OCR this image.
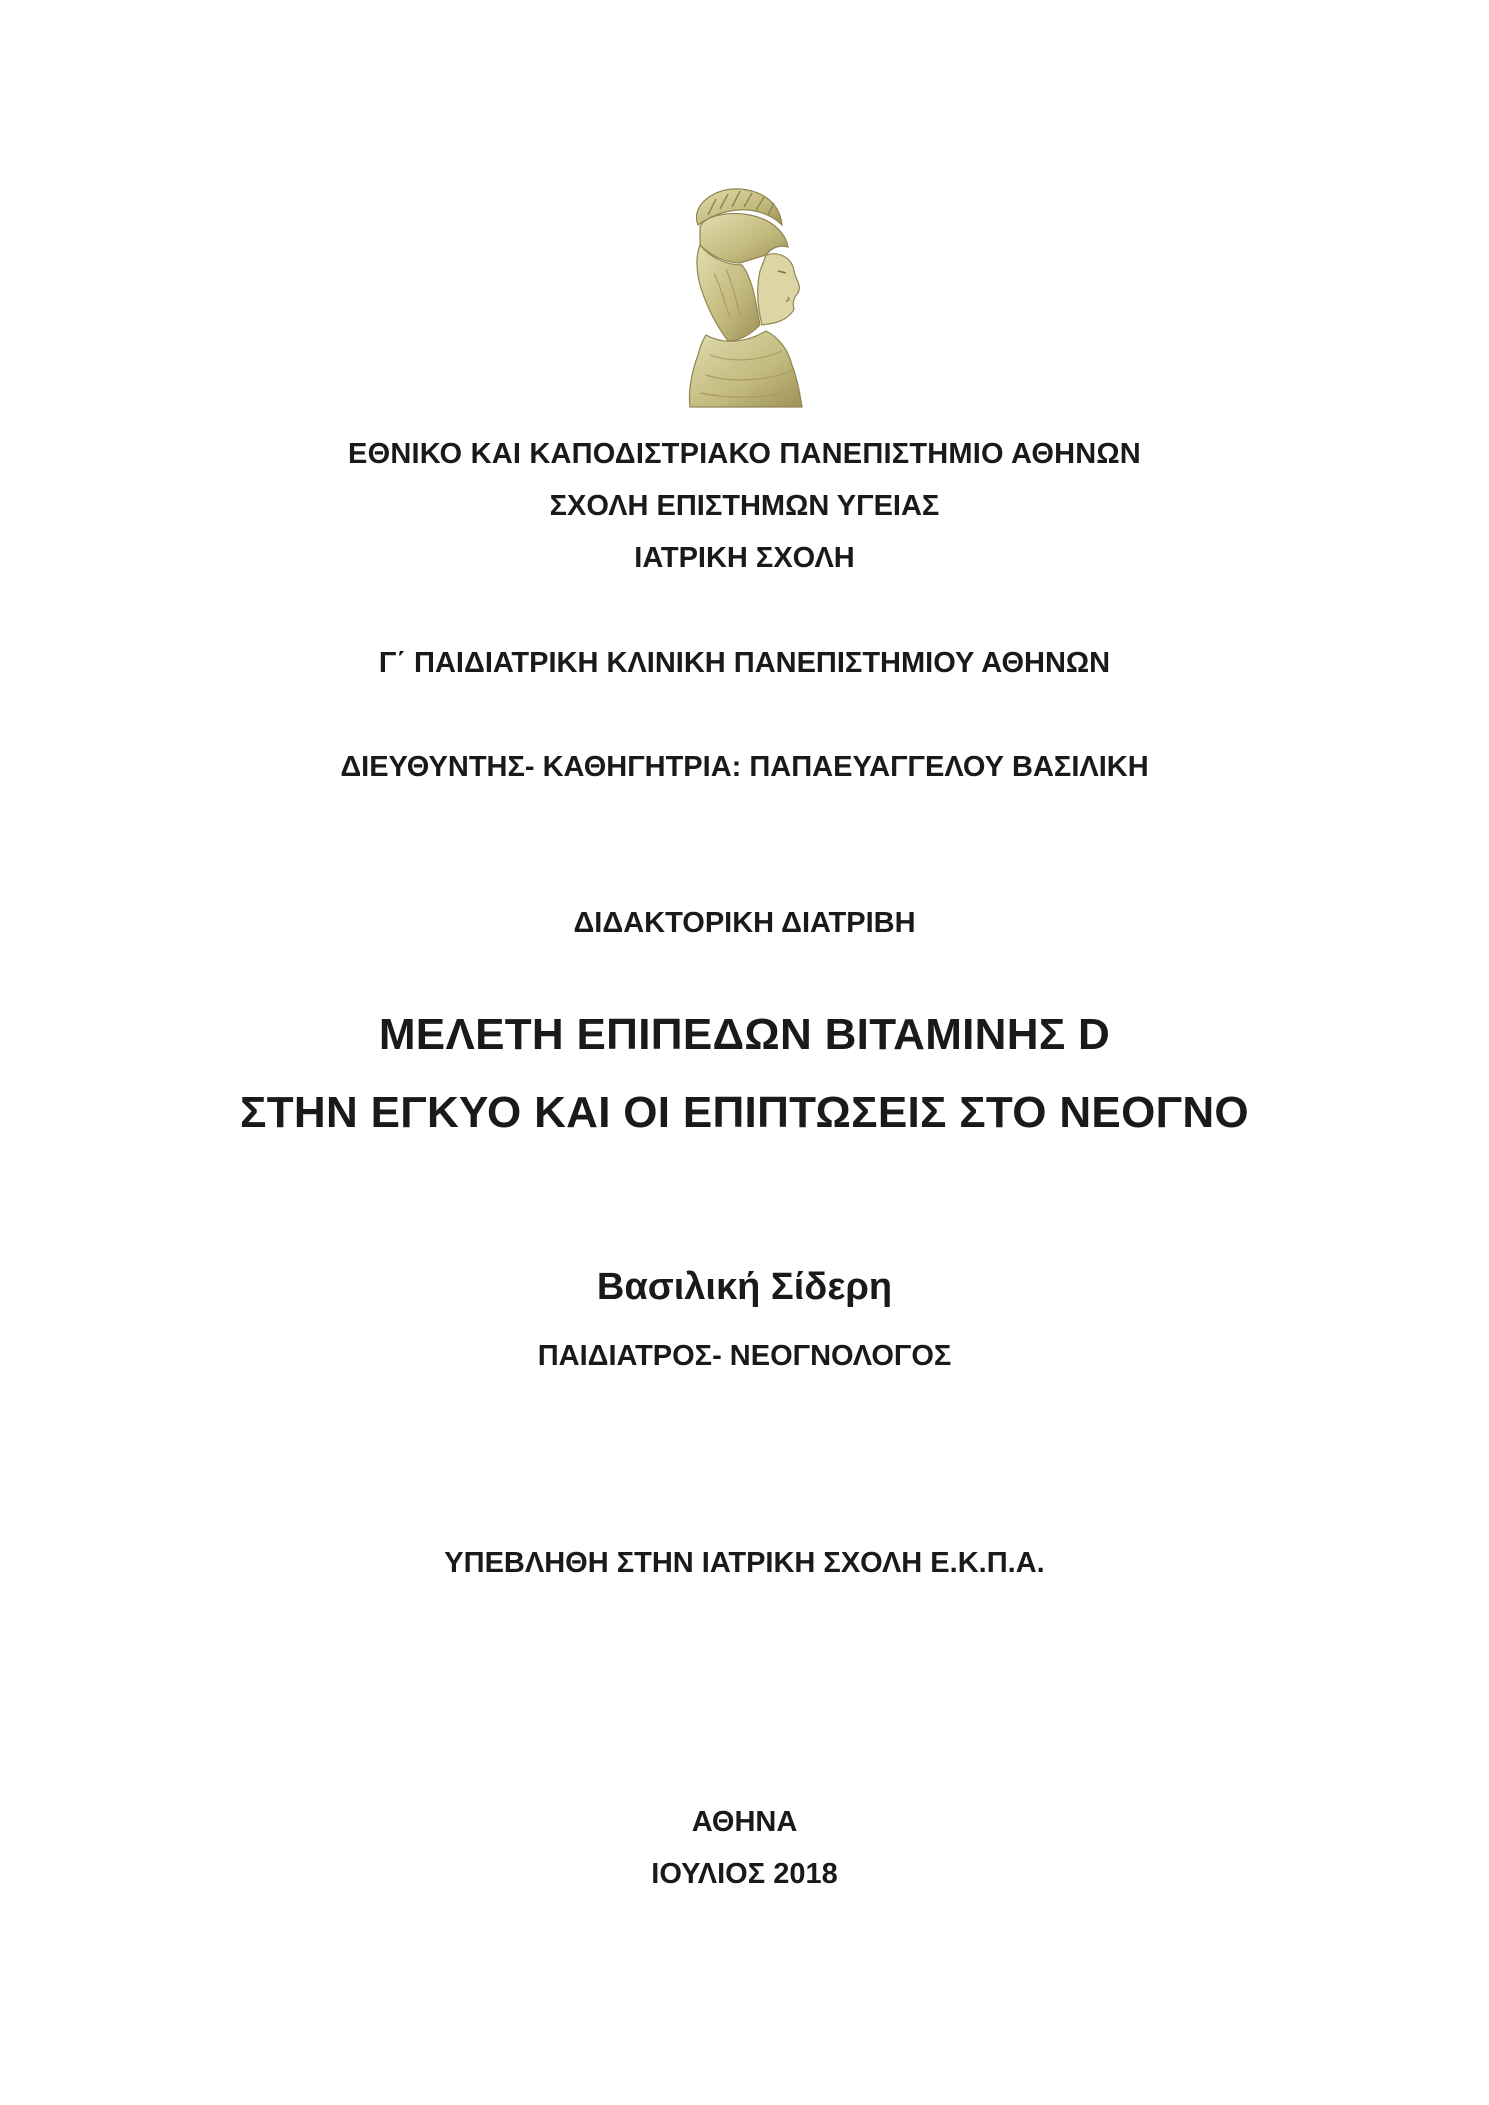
ΕΘΝΙΚΟ ΚΑΙ ΚΑΠΟΔΙΣΤΡΙΑΚΟ ΠΑΝΕΠΙΣΤΗΜΙΟ ΑΘΗΝΩΝ
ΣΧΟΛΗ ΕΠΙΣΤΗΜΩΝ ΥΓΕΙΑΣ
ΙΑΤΡΙΚΗ ΣΧΟΛΗ
Γ΄ ΠΑΙΔΙΑΤΡΙΚΗ ΚΛΙΝΙΚΗ ΠΑΝΕΠΙΣΤΗΜΙΟΥ ΑΘΗΝΩΝ
ΔΙΕΥΘΥΝΤΗΣ- ΚΑΘΗΓΗΤΡΙΑ: ΠΑΠΑΕΥΑΓΓΕΛΟΥ ΒΑΣΙΛΙΚΗ
ΔΙΔΑΚΤΟΡΙΚΗ ΔΙΑΤΡΙΒΗ
ΜΕΛΕΤΗ ΕΠΙΠΕΔΩΝ ΒΙΤΑΜΙΝΗΣ D
ΣΤΗΝ ΕΓΚΥΟ ΚΑΙ ΟΙ ΕΠΙΠΤΩΣΕΙΣ ΣΤΟ ΝΕΟΓΝΟ
Βασιλική Σίδερη
ΠΑΙΔΙΑΤΡΟΣ- ΝΕΟΓΝΟΛΟΓΟΣ
ΥΠΕΒΛΗΘΗ ΣΤΗΝ ΙΑΤΡΙΚΗ ΣΧΟΛΗ Ε.Κ.Π.Α.
ΑΘΗΝΑ
ΙΟΥΛΙΟΣ 2018
